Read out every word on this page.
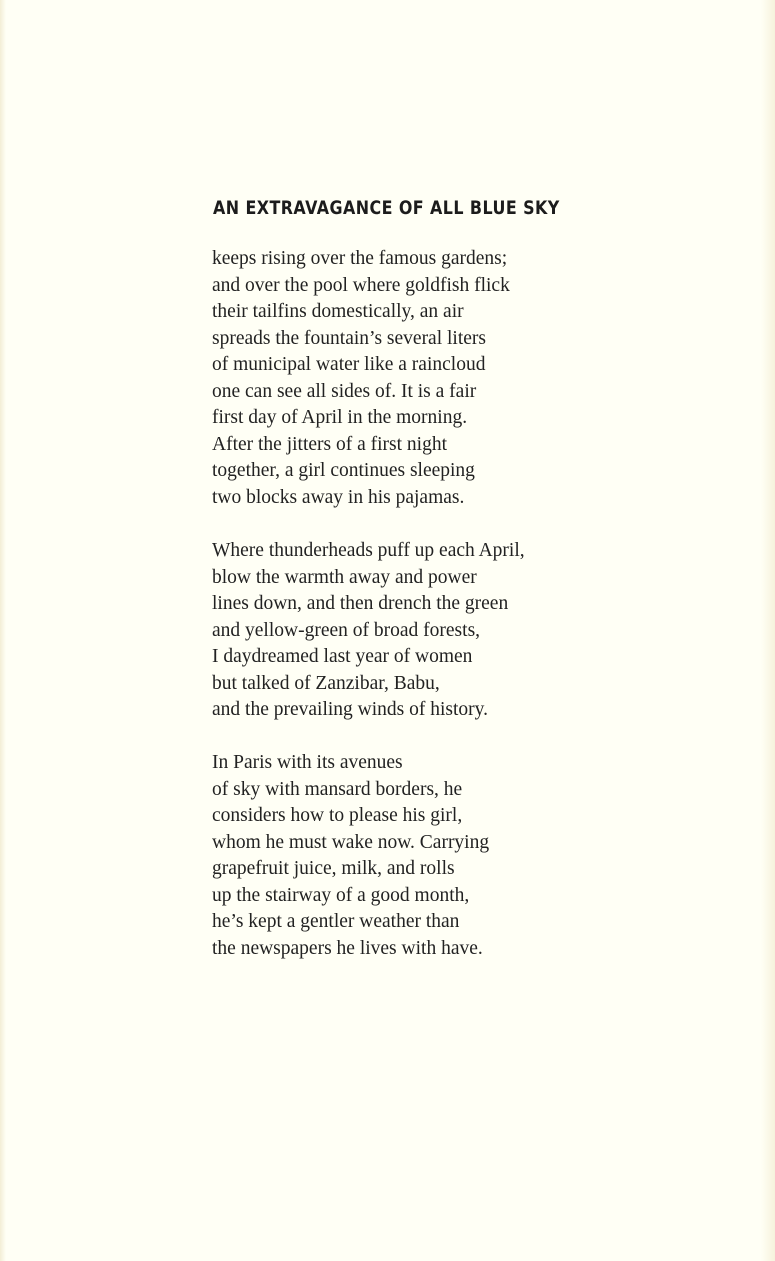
AN EXTRAVAGANCE OF ALL BLUE SKY
keeps rising over the famous gardens;
and over the pool where goldfish flick
their tailfins domestically, an air
spreads the fountain’s several liters
of municipal water like a raincloud
one can see all sides of. It is a fair
first day of April in the morning.
After the jitters of a first night
together, a girl continues sleeping
two blocks away in his pajamas.
Where thunderheads puff up each April,
blow the warmth away and power
lines down, and then drench the green
and yellow-green of broad forests,
I daydreamed last year of women
but talked of Zanzibar, Babu,
and the prevailing winds of history.
In Paris with its avenues
of sky with mansard borders, he
considers how to please his girl,
whom he must wake now. Carrying
grapefruit juice, milk, and rolls
up the stairway of a good month,
he’s kept a gentler weather than
the newspapers he lives with have.
